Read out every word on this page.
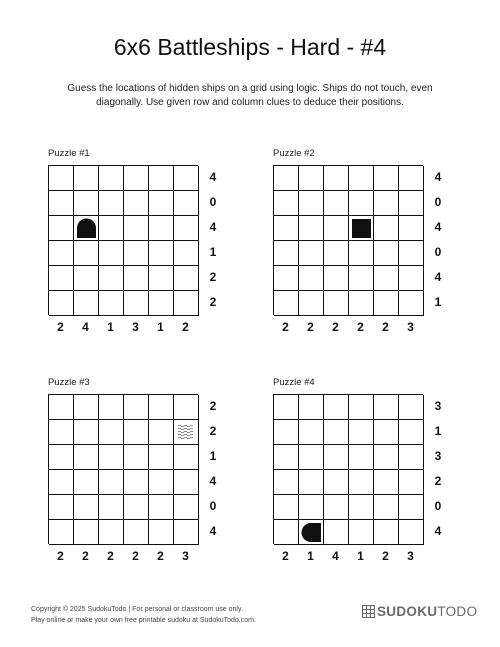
6x6 Battleships - Hard - #4
Guess the locations of hidden ships on a grid using logic. Ships do not touch, even diagonally. Use given row and column clues to deduce their positions.
Puzzle #1
4
0
4
1
2
2
2	4	1	3	1	2
Puzzle #2
4
0
4
0
4
1
2	2	2	2	2	3
Puzzle #3
2
2
1
4
0
4
2	2	2	2	2	3
Puzzle #4
3
1
3
2
0
4
2	1	4	1	2	3
Copyright © 2025 SudokuTodo | For personal or classroom use only.
Play online or make your own free printable sudoku at SudokuTodo.com.
SUDOKUTODO
